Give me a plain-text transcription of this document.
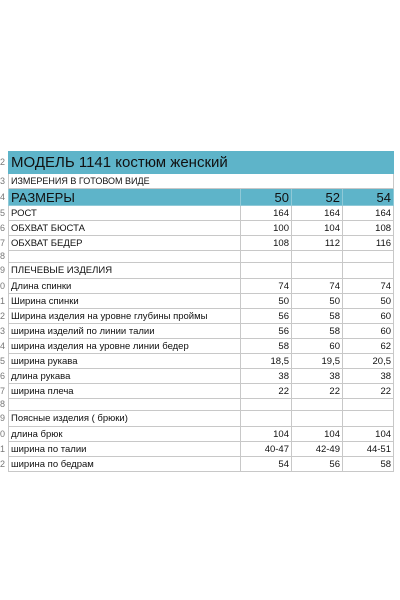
2
3
4
5
6
7
8
9
0
1
2
3
4
5
6
7
8
9
0
1
2
МОДЕЛЬ 1141 костюм женский			
ИЗМЕРЕНИЯ В ГОТОВОМ ВИДЕ			
РАЗМЕРЫ	50	52	54
РОСТ	164	164	164
ОБХВАТ БЮСТА	100	104	108
ОБХВАТ БЕДЕР	108	112	116

ПЛЕЧЕВЫЕ ИЗДЕЛИЯ			
Длина спинки	74	74	74
Ширина спинки	50	50	50
Ширина изделия на уровне глубины проймы	56	58	60
ширина изделий по линии талии	56	58	60
ширина изделия на уровне линии бедер	58	60	62
ширина рукава	18,5	19,5	20,5
длина рукава	38	38	38
ширина плеча	22	22	22

Поясные изделия ( брюки)			
длина брюк	104	104	104
ширина по талии	40-47	42-49	44-51
ширина по бедрам	54	56	58
